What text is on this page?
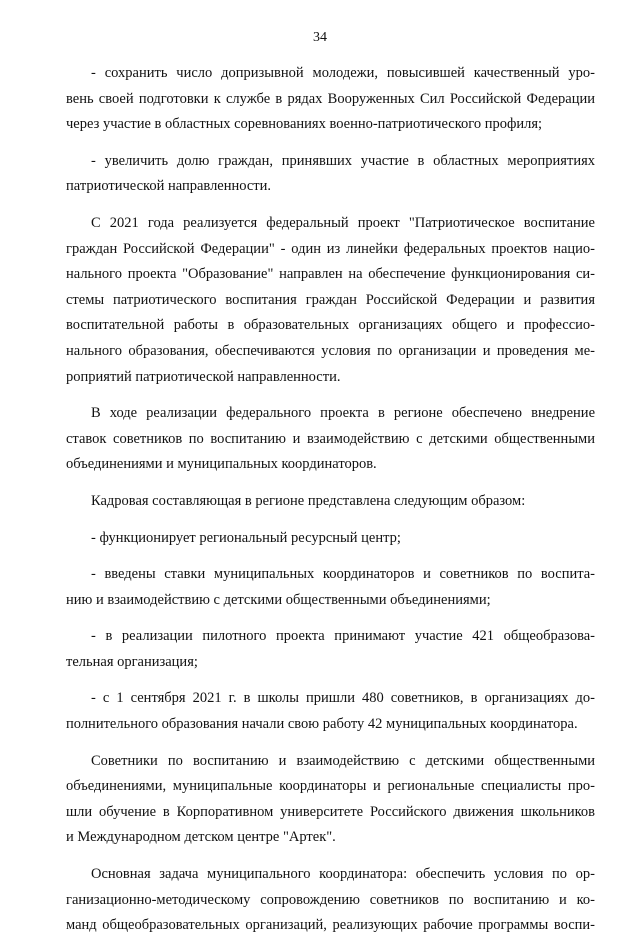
34
- сохранить число допризывной молодежи, повысившей качественный уро-
вень своей подготовки к службе в рядах Вооруженных Сил Российской Федерации
через участие в областных соревнованиях военно-патриотического профиля;
- увеличить долю граждан, принявших участие в областных мероприятиях
патриотической направленности.
С 2021 года реализуется федеральный проект "Патриотическое воспитание
граждан Российской Федерации" - один из линейки федеральных проектов нацио-
нального проекта "Образование" направлен на обеспечение функционирования си-
стемы патриотического воспитания граждан Российской Федерации и развития
воспитательной работы в образовательных организациях общего и профессио-
нального образования, обеспечиваются условия по организации и проведения ме-
роприятий патриотической направленности.
В ходе реализации федерального проекта в регионе обеспечено внедрение
ставок советников по воспитанию и взаимодействию с детскими общественными
объединениями и муниципальных координаторов.
Кадровая составляющая в регионе представлена следующим образом:
- функционирует региональный ресурсный центр;
- введены ставки муниципальных координаторов и советников по воспита-
нию и взаимодействию с детскими общественными объединениями;
- в реализации пилотного проекта принимают участие 421 общеобразова-
тельная организация;
- с 1 сентября 2021 г. в школы пришли 480 советников, в организациях до-
полнительного образования начали свою работу 42 муниципальных координатора.
Советники по воспитанию и взаимодействию с детскими общественными
объединениями, муниципальные координаторы и региональные специалисты про-
шли обучение в Корпоративном университете Российского движения школьников
и Международном детском центре "Артек".
Основная задача муниципального координатора: обеспечить условия по ор-
ганизационно-методическому сопровождению советников по воспитанию и ко-
манд общеобразовательных организаций, реализующих рабочие программы воспи-
